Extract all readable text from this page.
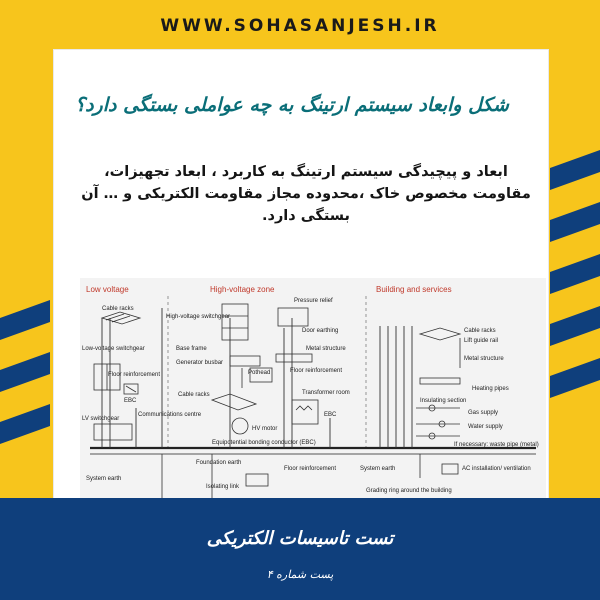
WWW.SOHASANJESH.IR
شکل وابعاد سیستم ارتینگ به چه عواملی بستگی دارد؟
ابعاد و پیچیدگی سیستم ارتینگ به کاربرد ، ابعاد تجهیزات، مقاومت مخصوص خاک ،محدوده مجاز مقاومت الکتریکی و … آن بستگی دارد.
Low voltage	High-voltage zone	Building and services
Equipotential bonding conductor (EBC)
Cable racks
Low-voltage switchgear
Floor reinforcement
EBC
LV switchgear
Communications centre
System earth
High-voltage switchgear
Base frame
Generator busbar
Pothead
Cable racks
HV motor
Foundation earth
Isolating link
Pressure relief
Door earthing
Metal structure
Floor reinforcement
Transformer room
EBC
Floor reinforcement	System earth
Grading ring around the building
Cable racks
Lift guide rail
Metal structure
Heating pipes
Insulating section
Gas supply
Water supply
If necessary: waste pipe (metal)
AC installation/ ventilation
تست تاسیسات الکتریکی
پست شماره ۴
